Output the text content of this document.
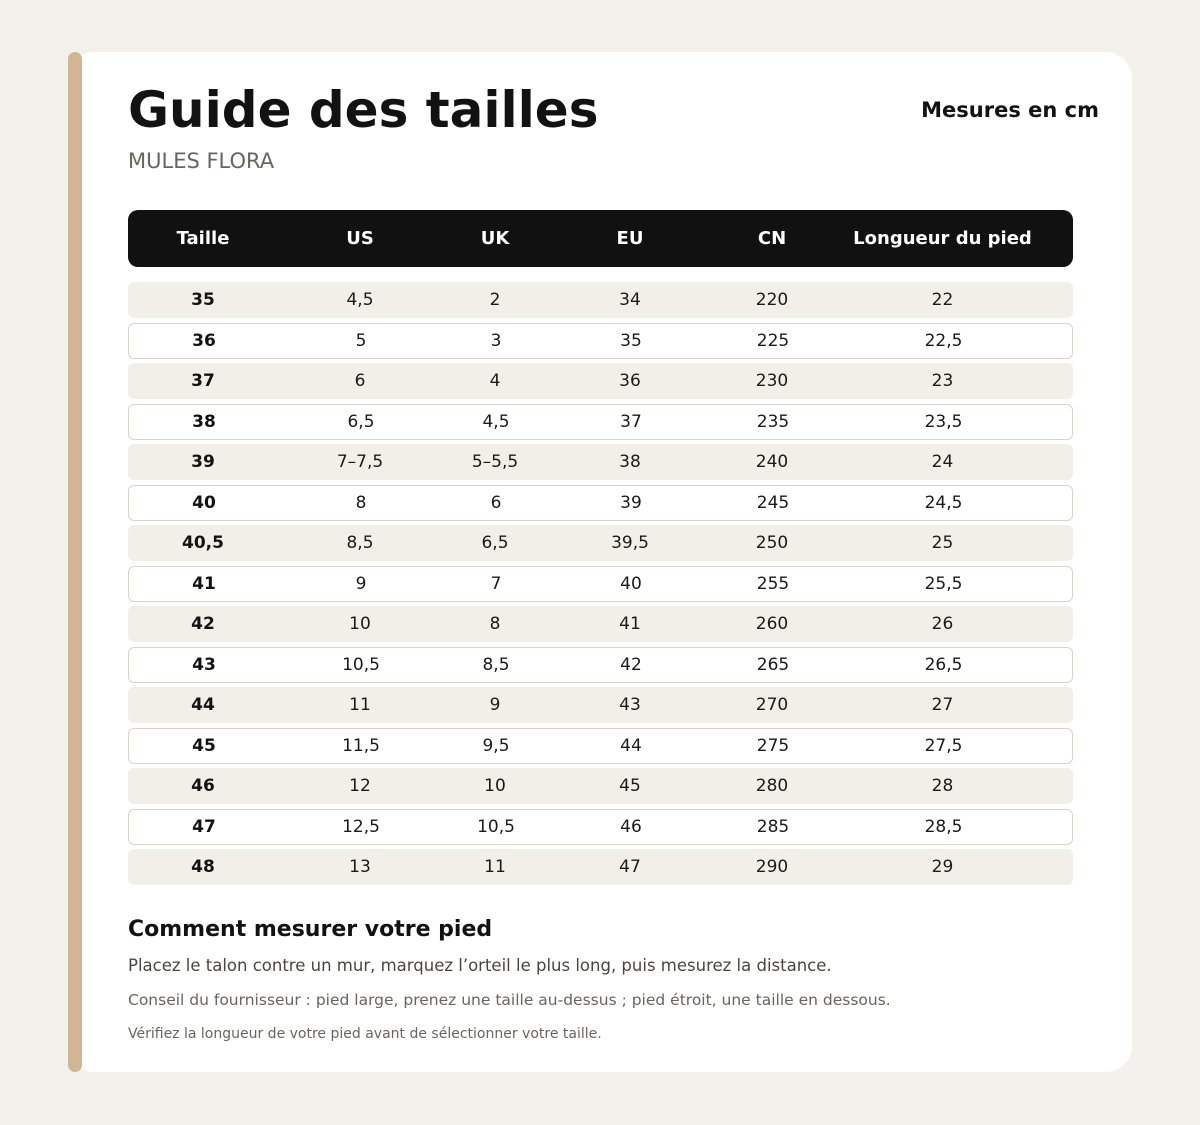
Guide des tailles
MULES FLORA
Mesures en cm
Taille	US	UK	EU	CN	Longueur du pied
35	4,5	2	34	220	22
36	5	3	35	225	22,5
37	6	4	36	230	23
38	6,5	4,5	37	235	23,5
39	7–7,5	5–5,5	38	240	24
40	8	6	39	245	24,5
40,5	8,5	6,5	39,5	250	25
41	9	7	40	255	25,5
42	10	8	41	260	26
43	10,5	8,5	42	265	26,5
44	11	9	43	270	27
45	11,5	9,5	44	275	27,5
46	12	10	45	280	28
47	12,5	10,5	46	285	28,5
48	13	11	47	290	29
Comment mesurer votre pied
Placez le talon contre un mur, marquez l’orteil le plus long, puis mesurez la distance.
Conseil du fournisseur : pied large, prenez une taille au-dessus ; pied étroit, une taille en dessous.
Vérifiez la longueur de votre pied avant de sélectionner votre taille.
